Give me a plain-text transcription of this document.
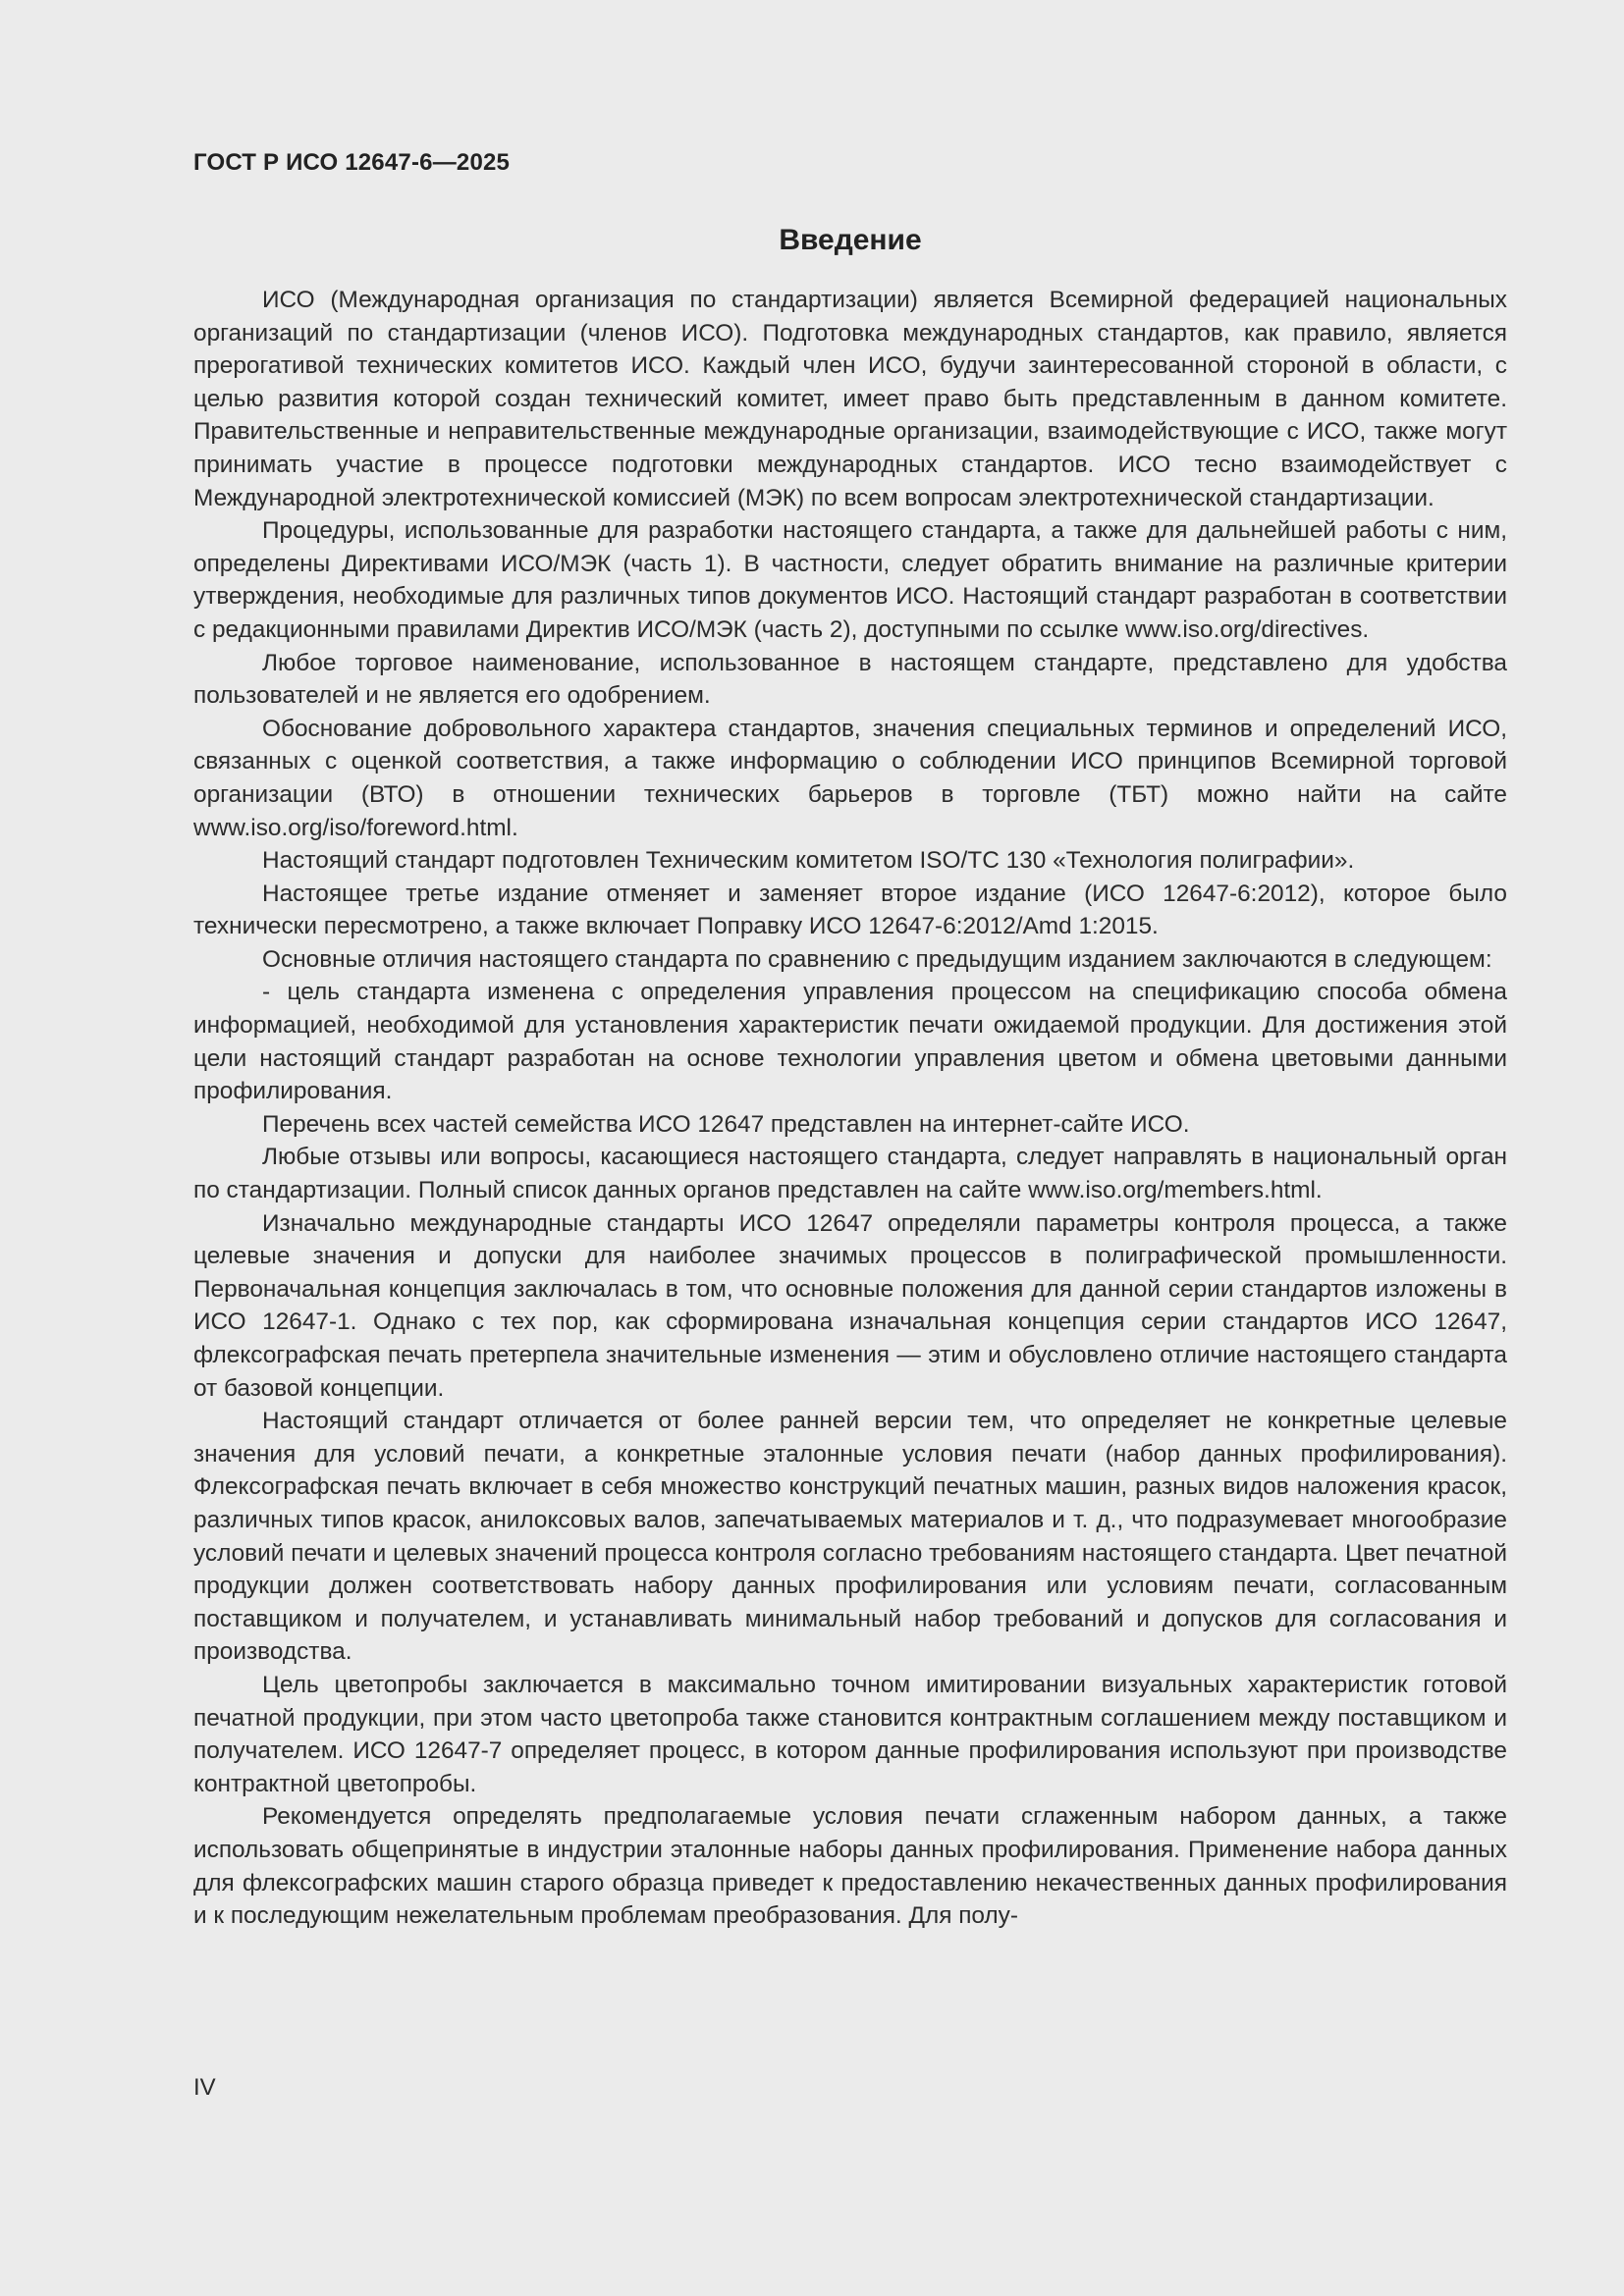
ГОСТ Р ИСО 12647-6—2025
Введение

ИСО (Международная организация по стандартизации) является Всемирной федерацией национальных организаций по стандартизации (членов ИСО). Подготовка международных стандартов, как правило, является прерогативой технических комитетов ИСО. Каждый член ИСО, будучи заинтересованной стороной в области, с целью развития которой создан технический комитет, имеет право быть представленным в данном комитете. Правительственные и неправительственные международные организации, взаимодействующие с ИСО, также могут принимать участие в процессе подготовки международных стандартов. ИСО тесно взаимодействует с Международной электротехнической комиссией (МЭК) по всем вопросам электротехнической стандартизации.

Процедуры, использованные для разработки настоящего стандарта, а также для дальнейшей работы с ним, определены Директивами ИСО/МЭК (часть 1). В частности, следует обратить внимание на различные критерии утверждения, необходимые для различных типов документов ИСО. Настоящий стандарт разработан в соответствии с редакционными правилами Директив ИСО/МЭК (часть 2), доступными по ссылке www.iso.org/directives.

Любое торговое наименование, использованное в настоящем стандарте, представлено для удобства пользователей и не является его одобрением.

Обоснование добровольного характера стандартов, значения специальных терминов и определений ИСО, связанных с оценкой соответствия, а также информацию о соблюдении ИСО принципов Всемирной торговой организации (ВТО) в отношении технических барьеров в торговле (ТБТ) можно найти на сайте www.iso.org/iso/foreword.html.

Настоящий стандарт подготовлен Техническим комитетом ISO/TC 130 «Технология полиграфии».

Настоящее третье издание отменяет и заменяет второе издание (ИСО 12647-6:2012), которое было технически пересмотрено, а также включает Поправку ИСО 12647-6:2012/Amd 1:2015.

Основные отличия настоящего стандарта по сравнению с предыдущим изданием заключаются в следующем:

- цель стандарта изменена с определения управления процессом на спецификацию способа обмена информацией, необходимой для установления характеристик печати ожидаемой продукции. Для достижения этой цели настоящий стандарт разработан на основе технологии управления цветом и обмена цветовыми данными профилирования.

Перечень всех частей семейства ИСО 12647 представлен на интернет-сайте ИСО.

Любые отзывы или вопросы, касающиеся настоящего стандарта, следует направлять в национальный орган по стандартизации. Полный список данных органов представлен на сайте www.iso.org/members.html.

Изначально международные стандарты ИСО 12647 определяли параметры контроля процесса, а также целевые значения и допуски для наиболее значимых процессов в полиграфической промышленности. Первоначальная концепция заключалась в том, что основные положения для данной серии стандартов изложены в ИСО 12647-1. Однако с тех пор, как сформирована изначальная концепция серии стандартов ИСО 12647, флексографская печать претерпела значительные изменения — этим и обусловлено отличие настоящего стандарта от базовой концепции.

Настоящий стандарт отличается от более ранней версии тем, что определяет не конкретные целевые значения для условий печати, а конкретные эталонные условия печати (набор данных профилирования). Флексографская печать включает в себя множество конструкций печатных машин, разных видов наложения красок, различных типов красок, анилоксовых валов, запечатываемых материалов и т. д., что подразумевает многообразие условий печати и целевых значений процесса контроля согласно требованиям настоящего стандарта. Цвет печатной продукции должен соответствовать набору данных профилирования или условиям печати, согласованным поставщиком и получателем, и устанавливать минимальный набор требований и допусков для согласования и производства.

Цель цветопробы заключается в максимально точном имитировании визуальных характеристик готовой печатной продукции, при этом часто цветопроба также становится контрактным соглашением между поставщиком и получателем. ИСО 12647-7 определяет процесс, в котором данные профилирования используют при производстве контрактной цветопробы.

Рекомендуется определять предполагаемые условия печати сглаженным набором данных, а также использовать общепринятые в индустрии эталонные наборы данных профилирования. Применение набора данных для флексографских машин старого образца приведет к предоставлению некачественных данных профилирования и к последующим нежелательным проблемам преобразования. Для полу-

IV
